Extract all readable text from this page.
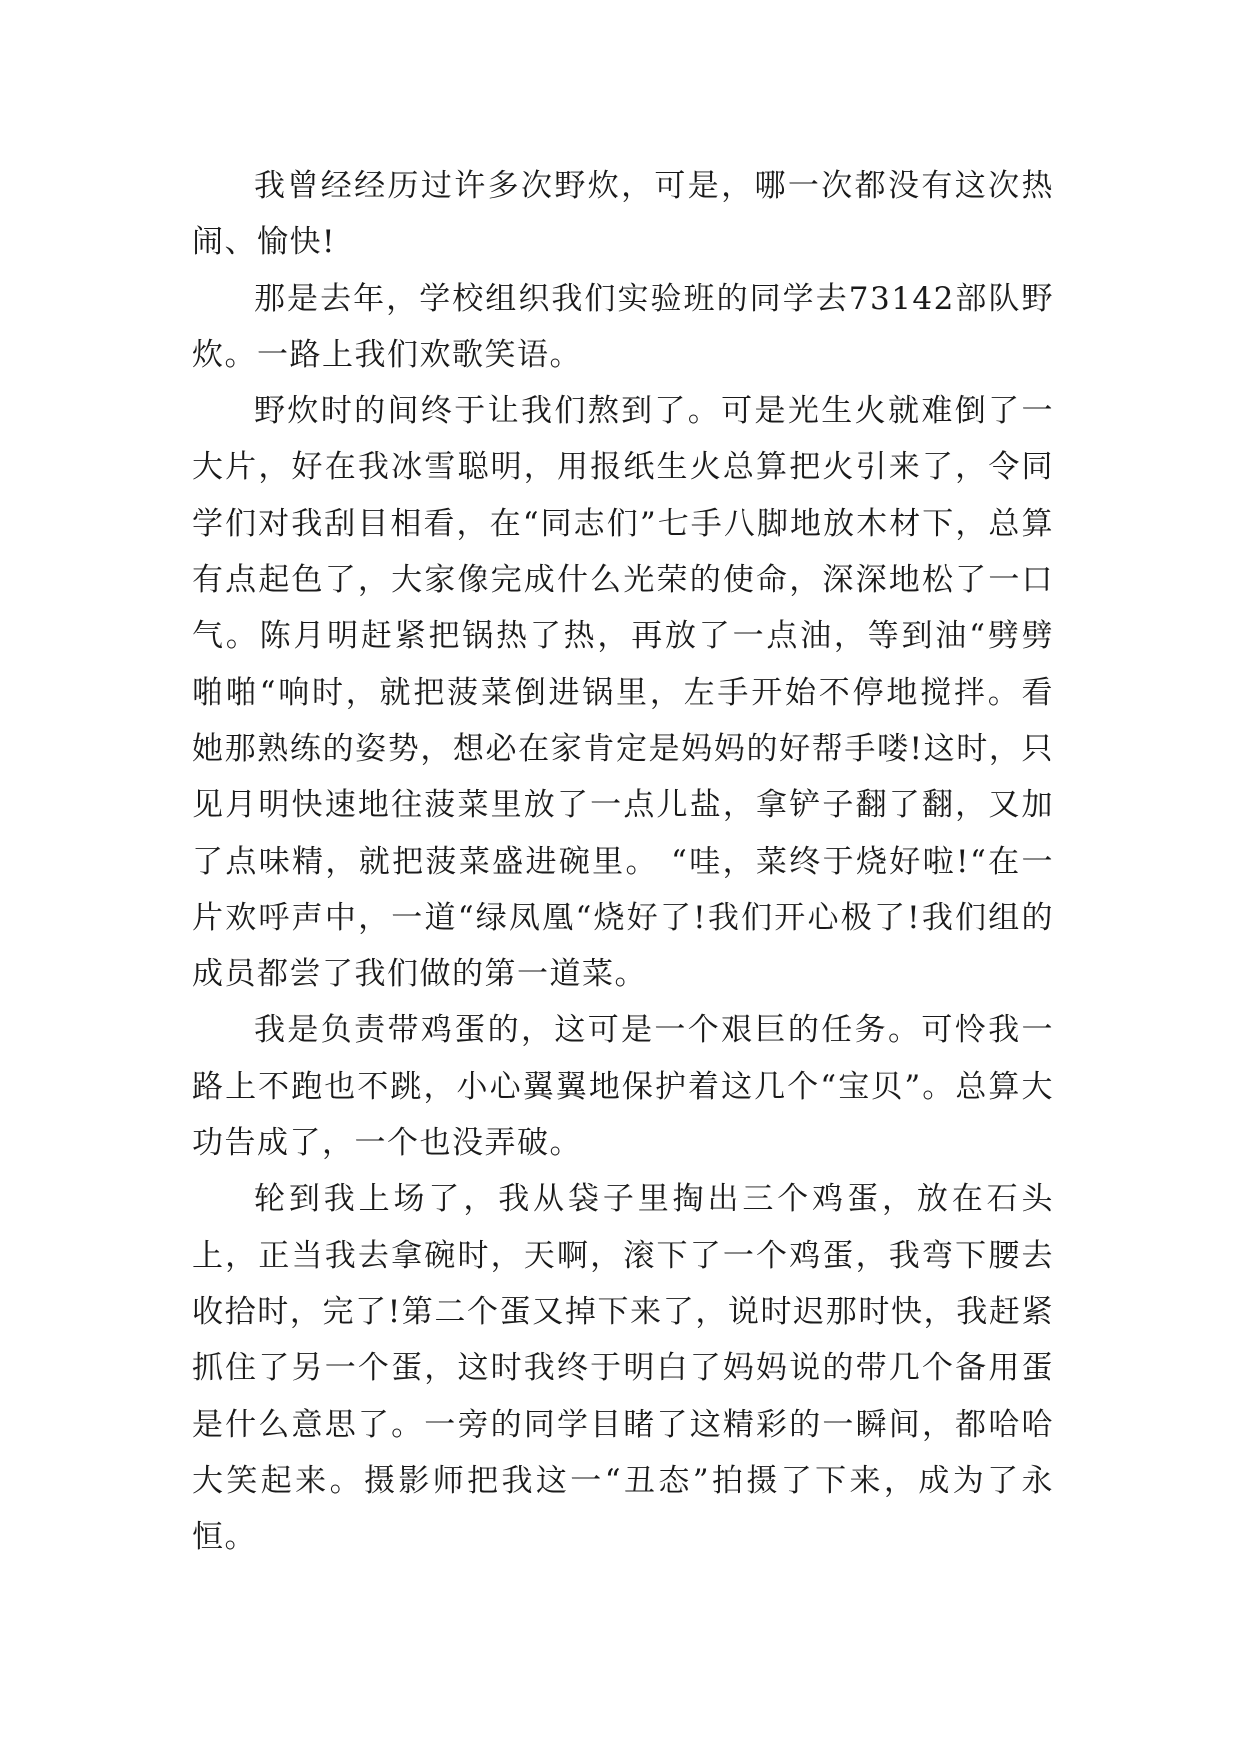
我曾经经历过许多次野炊，可是，哪一次都没有这次热闹、愉快!

那是去年，学校组织我们实验班的同学去73142部队野炊。一路上我们欢歌笑语。

野炊时的间终于让我们熬到了。可是光生火就难倒了一大片，好在我冰雪聪明，用报纸生火总算把火引来了，令同学们对我刮目相看，在“同志们”七手八脚地放木材下，总算有点起色了，大家像完成什么光荣的使命，深深地松了一口气。陈月明赶紧把锅热了热，再放了一点油，等到油“劈劈啪啪“响时，就把菠菜倒进锅里，左手开始不停地搅拌。看她那熟练的姿势，想必在家肯定是妈妈的好帮手喽!这时，只见月明快速地往菠菜里放了一点儿盐，拿铲子翻了翻，又加了点味精，就把菠菜盛进碗里。 “哇，菜终于烧好啦!“在一片欢呼声中，一道“绿凤凰“烧好了!我们开心极了!我们组的成员都尝了我们做的第一道菜。

我是负责带鸡蛋的，这可是一个艰巨的任务。可怜我一路上不跑也不跳，小心翼翼地保护着这几个“宝贝”。总算大功告成了，一个也没弄破。

轮到我上场了，我从袋子里掏出三个鸡蛋，放在石头上，正当我去拿碗时，天啊，滚下了一个鸡蛋，我弯下腰去收拾时，完了!第二个蛋又掉下来了，说时迟那时快，我赶紧抓住了另一个蛋，这时我终于明白了妈妈说的带几个备用蛋是什么意思了。一旁的同学目睹了这精彩的一瞬间，都哈哈大笑起来。摄影师把我这一“丑态”拍摄了下来，成为了永恒。
